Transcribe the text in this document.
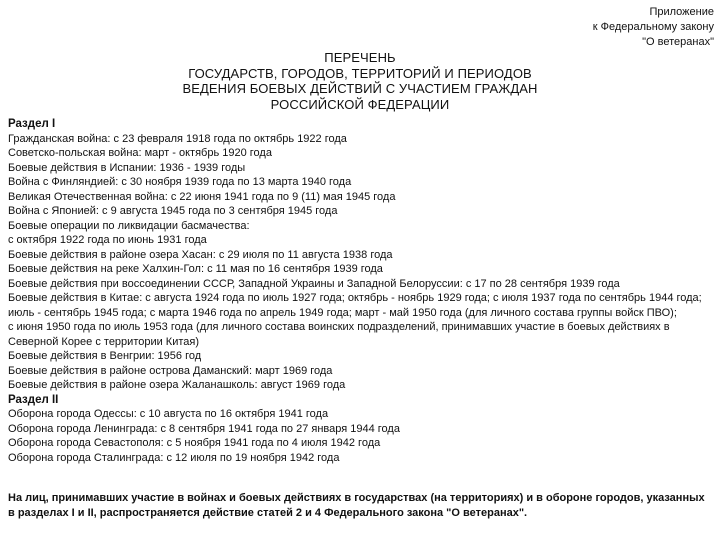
Приложение
к Федеральному закону
"О ветеранах"
ПЕРЕЧЕНЬ
ГОСУДАРСТВ, ГОРОДОВ, ТЕРРИТОРИЙ И ПЕРИОДОВ
ВЕДЕНИЯ БОЕВЫХ ДЕЙСТВИЙ С УЧАСТИЕМ ГРАЖДАН
РОССИЙСКОЙ ФЕДЕРАЦИИ
Раздел I
Гражданская война: с 23 февраля 1918 года по октябрь 1922 года
Советско-польская война: март - октябрь 1920 года
Боевые действия в Испании: 1936 - 1939 годы
Война с Финляндией: с 30 ноября 1939 года по 13 марта 1940 года
Великая Отечественная война: с 22 июня 1941 года по 9 (11) мая 1945 года
Война с Японией: с 9 августа 1945 года по 3 сентября 1945 года
Боевые операции по ликвидации басмачества:
с октября 1922 года по июнь 1931 года
Боевые действия в районе озера Хасан: с 29 июля по 11 августа 1938 года
Боевые действия на реке Халхин-Гол: с 11 мая по 16 сентября 1939 года
Боевые действия при воссоединении СССР, Западной Украины и Западной Белоруссии: с 17 по 28 сентября 1939 года
Боевые действия в Китае: с августа 1924 года по июль 1927 года; октябрь - ноябрь 1929 года; с июля 1937 года по сентябрь 1944 года; июль - сентябрь 1945 года; с марта 1946 года по апрель 1949 года; март - май 1950 года (для личного состава группы войск ПВО);
с июня 1950 года по июль 1953 года (для личного состава воинских подразделений, принимавших участие в боевых действиях в Северной Корее с территории Китая)
Боевые действия в Венгрии: 1956 год
Боевые действия в районе острова Даманский: март 1969 года
Боевые действия в районе озера Жаланашколь: август 1969 года
Раздел II
Оборона города Одессы: с 10 августа по 16 октября 1941 года
Оборона города Ленинграда: с 8 сентября 1941 года по 27 января 1944 года
Оборона города Севастополя: с 5 ноября 1941 года по 4 июля 1942 года
Оборона города Сталинграда: с 12 июля по 19 ноября 1942 года
На лиц, принимавших участие в войнах и боевых действиях в государствах (на территориях) и в обороне городов, указанных в разделах I и II, распространяется действие статей 2 и 4 Федерального закона "О ветеранах".
